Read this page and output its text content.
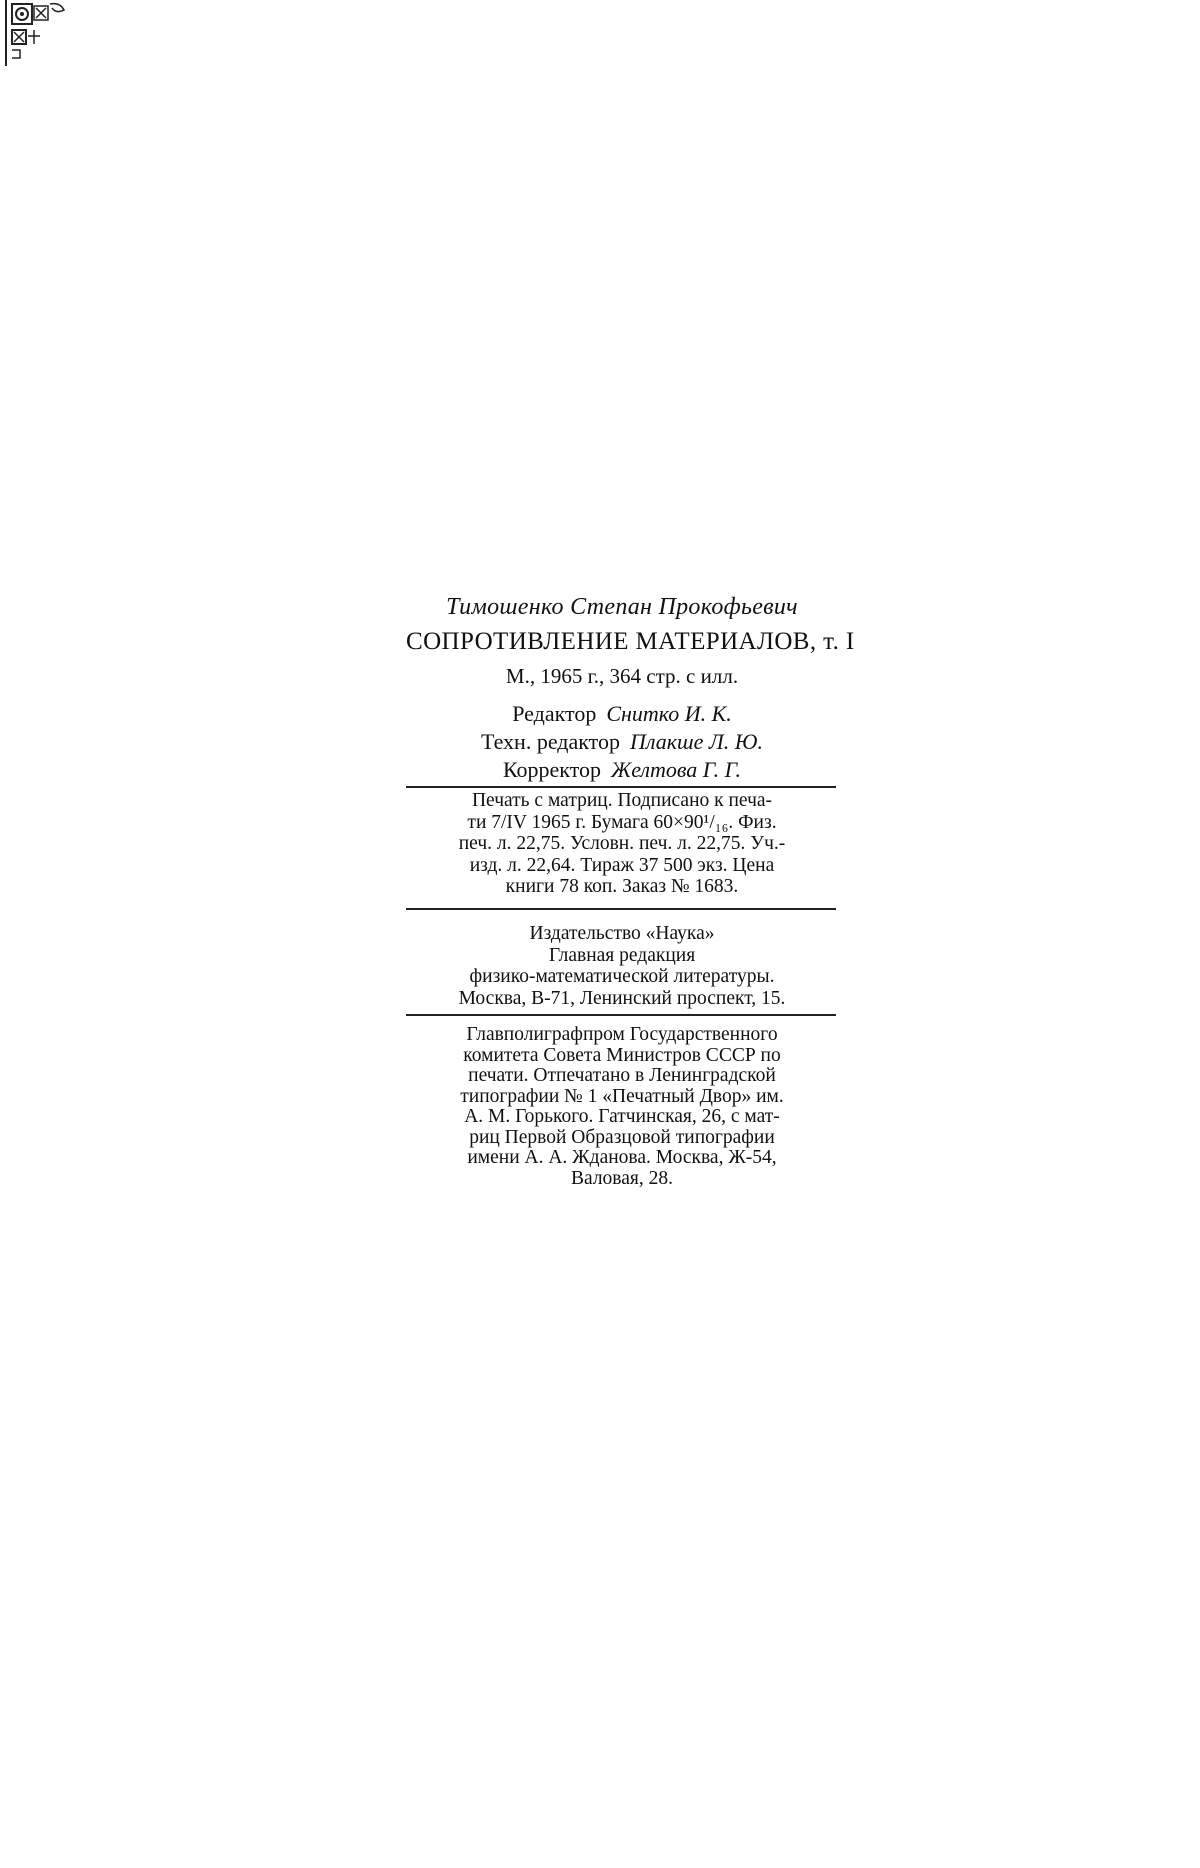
Тимошенко Степан Прокофьевич
СОПРОТИВЛЕНИЕ МАТЕРИАЛОВ, т. I
М., 1965 г., 364 стр. с илл.
Редактор Снитко И. К.
Техн. редактор Плакше Л. Ю.
Корректор Желтова Г. Г.
Печать с матриц. Подписано к печа-
ти 7/IV 1965 г. Бумага 60×90¹/₁₆. Физ.
печ. л. 22,75. Условн. печ. л. 22,75. Уч.-
изд. л. 22,64. Тираж 37 500 экз. Цена
книги 78 коп. Заказ № 1683.
Издательство «Наука»
Главная редакция
физико-математической литературы.
Москва, В-71, Ленинский проспект, 15.
Главполиграфпром Государственного
комитета Совета Министров СССР по
печати. Отпечатано в Ленинградской
типографии № 1 «Печатный Двор» им.
А. М. Горького. Гатчинская, 26, с мат-
риц Первой Образцовой типографии
имени А. А. Жданова. Москва, Ж-54,
Валовая, 28.
